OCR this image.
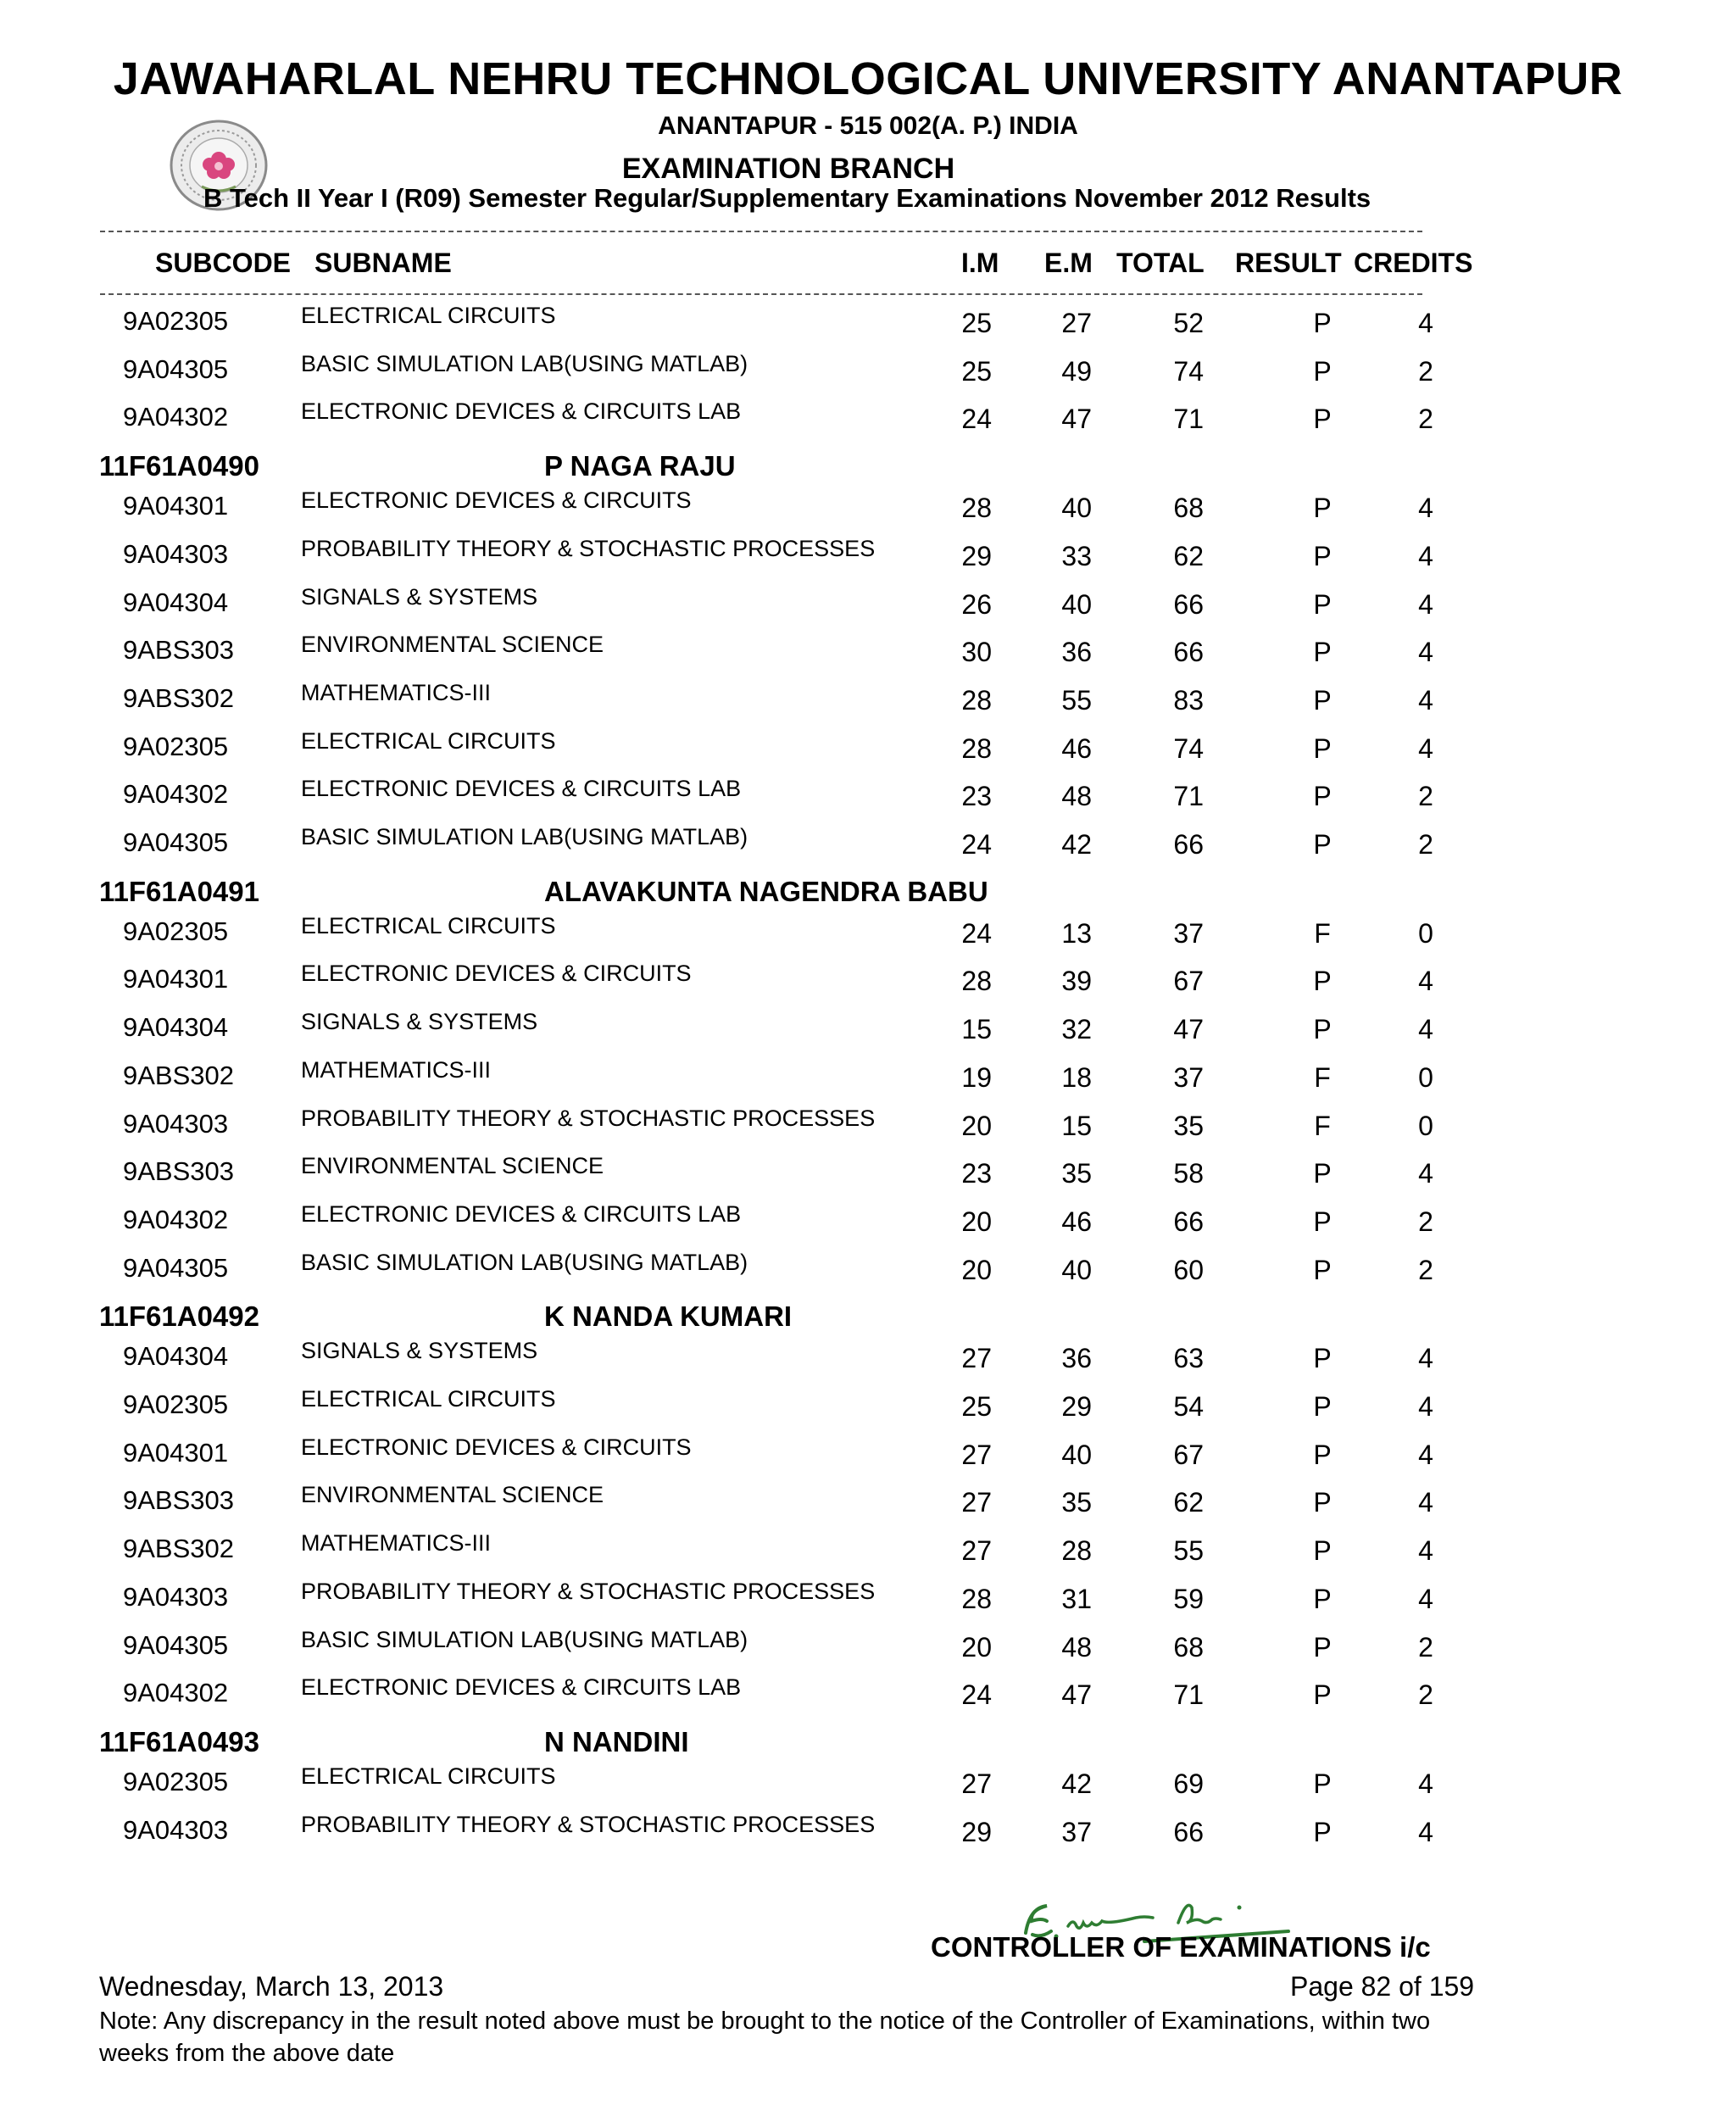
JAWAHARLAL NEHRU TECHNOLOGICAL UNIVERSITY ANANTAPUR
ANANTAPUR - 515 002(A. P.) INDIA
EXAMINATION BRANCH
B Tech II Year I (R09) Semester Regular/Supplementary Examinations November 2012 Results
SUBCODE SUBNAME	I.M E.M TOTAL RESULT CREDITS
9A02305	ELECTRICAL CIRCUITS	25	27	52	P	4
9A04305	BASIC SIMULATION LAB(USING MATLAB)	25	49	74	P	2
9A04302	ELECTRONIC DEVICES & CIRCUITS LAB	24	47	71	P	2
11F61A0490	P NAGA RAJU
9A04301	ELECTRONIC DEVICES & CIRCUITS	28	40	68	P	4
9A04303	PROBABILITY THEORY & STOCHASTIC PROCESSES	29	33	62	P	4
9A04304	SIGNALS & SYSTEMS	26	40	66	P	4
9ABS303	ENVIRONMENTAL SCIENCE	30	36	66	P	4
9ABS302	MATHEMATICS-III	28	55	83	P	4
9A02305	ELECTRICAL CIRCUITS	28	46	74	P	4
9A04302	ELECTRONIC DEVICES & CIRCUITS LAB	23	48	71	P	2
9A04305	BASIC SIMULATION LAB(USING MATLAB)	24	42	66	P	2
11F61A0491	ALAVAKUNTA NAGENDRA BABU
9A02305	ELECTRICAL CIRCUITS	24	13	37	F	0
9A04301	ELECTRONIC DEVICES & CIRCUITS	28	39	67	P	4
9A04304	SIGNALS & SYSTEMS	15	32	47	P	4
9ABS302	MATHEMATICS-III	19	18	37	F	0
9A04303	PROBABILITY THEORY & STOCHASTIC PROCESSES	20	15	35	F	0
9ABS303	ENVIRONMENTAL SCIENCE	23	35	58	P	4
9A04302	ELECTRONIC DEVICES & CIRCUITS LAB	20	46	66	P	2
9A04305	BASIC SIMULATION LAB(USING MATLAB)	20	40	60	P	2
11F61A0492	K NANDA KUMARI
9A04304	SIGNALS & SYSTEMS	27	36	63	P	4
9A02305	ELECTRICAL CIRCUITS	25	29	54	P	4
9A04301	ELECTRONIC DEVICES & CIRCUITS	27	40	67	P	4
9ABS303	ENVIRONMENTAL SCIENCE	27	35	62	P	4
9ABS302	MATHEMATICS-III	27	28	55	P	4
9A04303	PROBABILITY THEORY & STOCHASTIC PROCESSES	28	31	59	P	4
9A04305	BASIC SIMULATION LAB(USING MATLAB)	20	48	68	P	2
9A04302	ELECTRONIC DEVICES & CIRCUITS LAB	24	47	71	P	2
11F61A0493	N NANDINI
9A02305	ELECTRICAL CIRCUITS	27	42	69	P	4
9A04303	PROBABILITY THEORY & STOCHASTIC PROCESSES	29	37	66	P	4
CONTROLLER OF EXAMINATIONS i/c
Wednesday, March 13, 2013	Page 82 of 159
Note: Any discrepancy in the result noted above must be brought to the notice of the Controller of Examinations, within two weeks from the above date
